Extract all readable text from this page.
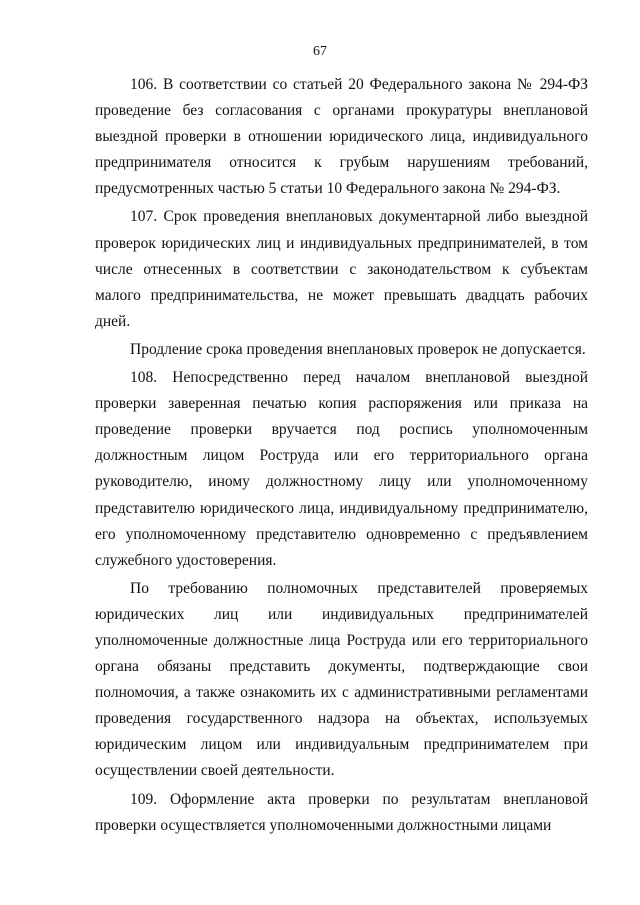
67

106. В соответствии со статьей 20 Федерального закона № 294-ФЗ проведение без согласования с органами прокуратуры внеплановой выездной проверки в отношении юридического лица, индивидуального предпринимателя относится к грубым нарушениям требований, предусмотренных частью 5 статьи 10 Федерального закона № 294-ФЗ.

107. Срок проведения внеплановых документарной либо выездной проверок юридических лиц и индивидуальных предпринимателей, в том числе отнесенных в соответствии с законодательством к субъектам малого предпринимательства, не может превышать двадцать рабочих дней.

Продление срока проведения внеплановых проверок не допускается.

108. Непосредственно перед началом внеплановой выездной проверки заверенная печатью копия распоряжения или приказа на проведение проверки вручается под роспись уполномоченным должностным лицом Роструда или его территориального органа руководителю, иному должностному лицу или уполномоченному представителю юридического лица, индивидуальному предпринимателю, его уполномоченному представителю одновременно с предъявлением служебного удостоверения.

По требованию полномочных представителей проверяемых юридических лиц или индивидуальных предпринимателей уполномоченные должностные лица Роструда или его территориального органа обязаны представить документы, подтверждающие свои полномочия, а также ознакомить их с административными регламентами проведения государственного надзора на объектах, используемых юридическим лицом или индивидуальным предпринимателем при осуществлении своей деятельности.

109. Оформление акта проверки по результатам внеплановой проверки осуществляется уполномоченными должностными лицами
